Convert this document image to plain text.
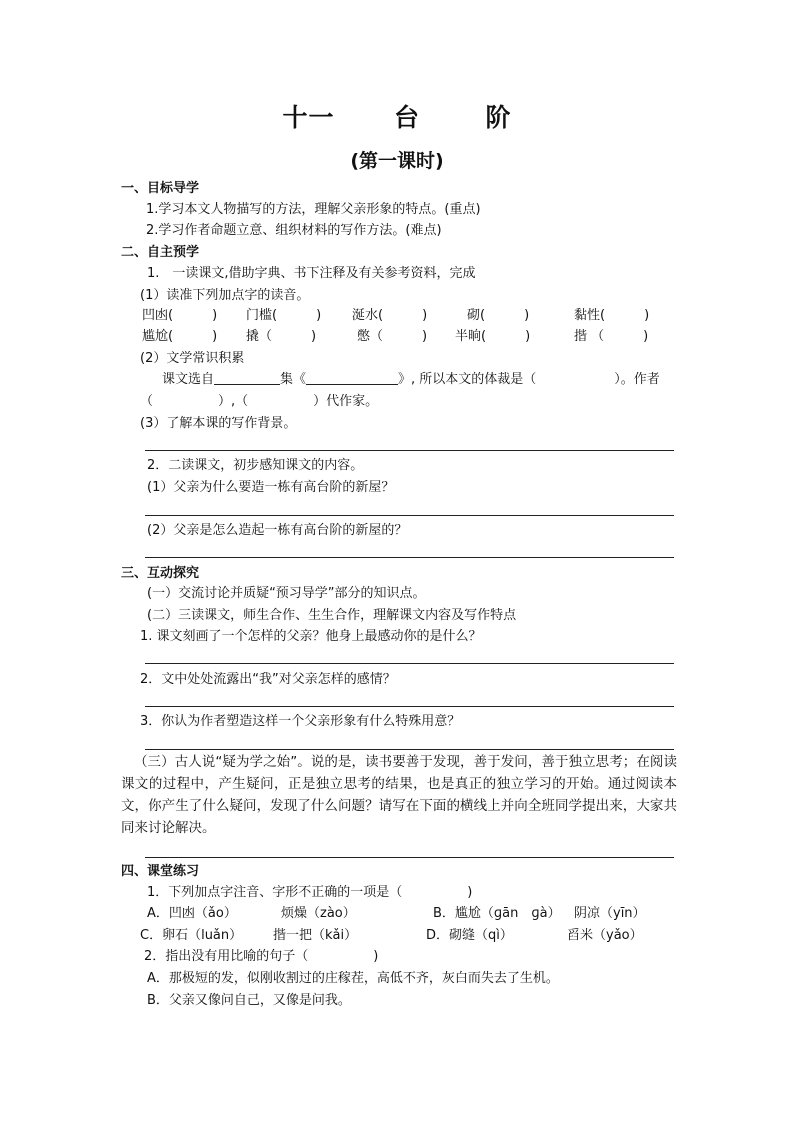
十一 台	阶
(第一课时)
一、目标导学
1.学习本文人物描写的方法，理解父亲形象的特点。(重点)
2.学习作者命题立意、组织材料的写作方法。(难点)
二、自主预学
1.　一读课文,借助字典、书下注释及有关参考资料，完成
(1）读准下列加点字的读音。
凹凼(　　　) 门槛(　　　) 涎水(　　　)	砌(　　　)	黏性(　　　)
尴尬(　　　) 撬（　　　)	憋（　　　) 半晌(　　　)	揩 （　　　)
(2）文学常识积累
课文选自	集《	》, 所以本文的体裁是（	）。作者
（　　　　　）,（　　　　　）代作家。
(3）了解本课的写作背景。
2．二读课文，初步感知课文的内容。
(1）父亲为什么要造一栋有高台阶的新屋？
(2）父亲是怎么造起一栋有高台阶的新屋的？
三、互动探究
(一）交流讨论并质疑“预习导学”部分的知识点。
(二）三读课文，师生合作、生生合作，理解课文内容及写作特点
1. 课文刻画了一个怎样的父亲？他身上最感动你的是什么？
2．文中处处流露出“我”对父亲怎样的感情？
3．你认为作者塑造这样一个父亲形象有什么特殊用意？
（三）古人说“疑为学之始”。说的是，读书要善于发现，善于发问，善于独立思考；在阅读课文的过程中，产生疑问，正是独立思考的结果，也是真正的独立学习的开始。通过阅读本文，你产生了什么疑问，发现了什么问题？请写在下面的横线上并向全班同学提出来，大家共同来讨论解决。
四、课堂练习
1．下列加点字注音、字形不正确的一项是（　　　　　)
A．凹凼（ǎo）	烦燥（zào）	B．尴尬（ɡān　ɡà） 阴凉（yīn）
C．卵石（luǎn） 揩一把（kǎi）	D．砌缝（qì）	舀米（yǎo）
2．指出没有用比喻的句子（　　　　　)
A．那极短的发，似刚收割过的庄稼茬，高低不齐，灰白而失去了生机。
B．父亲又像问自己，又像是问我。
